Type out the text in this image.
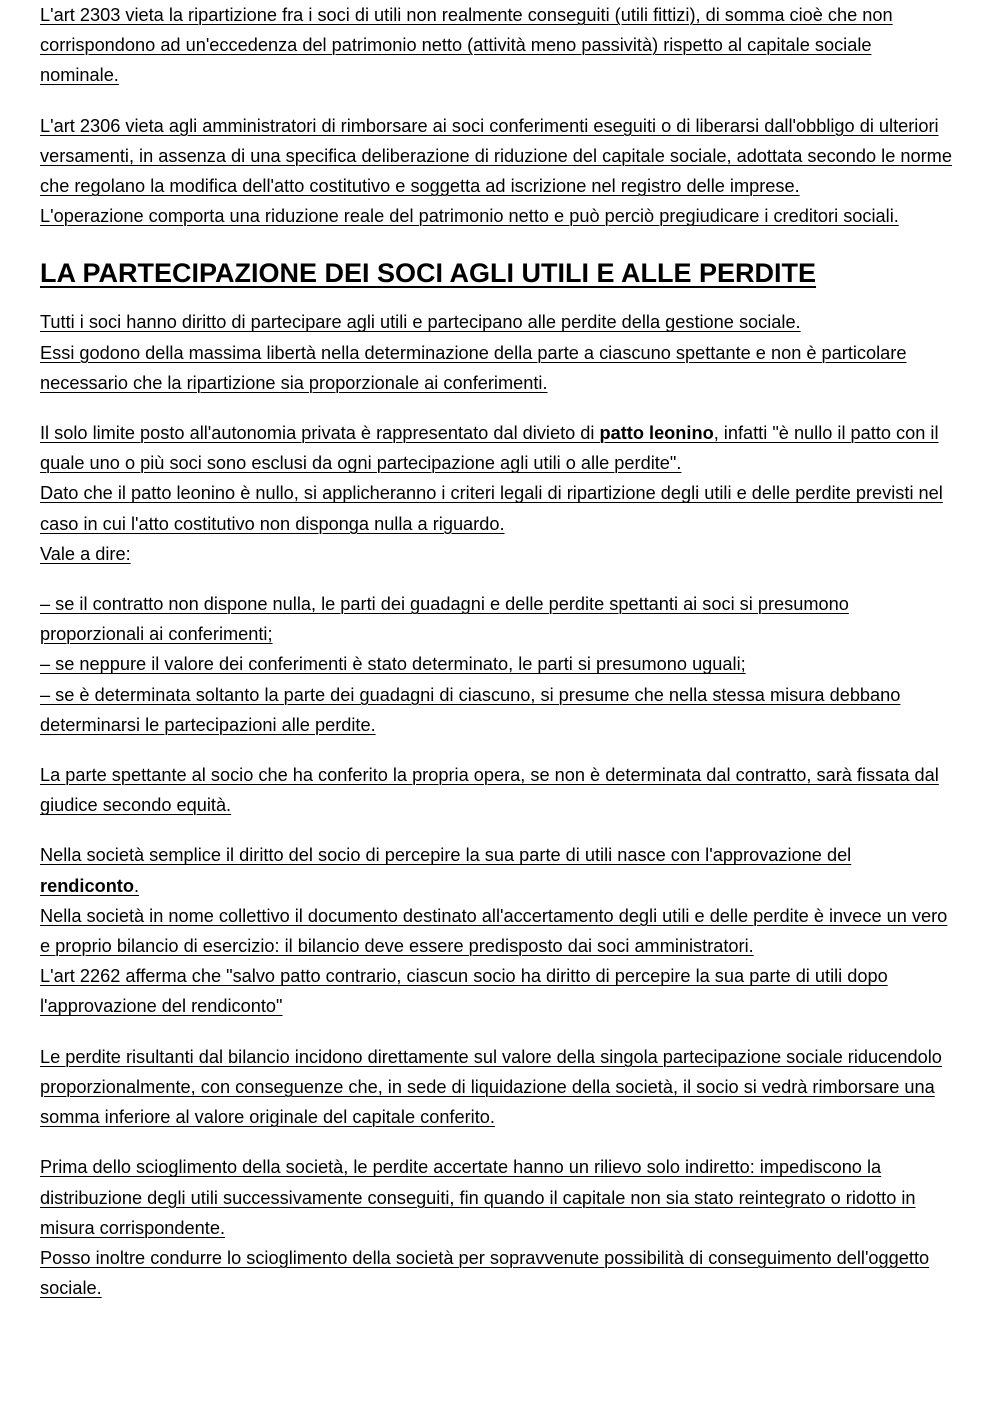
L'art 2303 vieta la ripartizione fra i soci di utili non realmente conseguiti (utili fittizi), di somma cioè che non corrispondono ad un'eccedenza del patrimonio netto (attività meno passività) rispetto al capitale sociale nominale.

L'art 2306 vieta agli amministratori di rimborsare ai soci conferimenti eseguiti o di liberarsi dall'obbligo di ulteriori versamenti, in assenza di una specifica deliberazione di riduzione del capitale sociale, adottata secondo le norme che regolano la modifica dell'atto costitutivo e soggetta ad iscrizione nel registro delle imprese.
L'operazione comporta una riduzione reale del patrimonio netto e può perciò pregiudicare i creditori sociali.

LA PARTECIPAZIONE DEI SOCI AGLI UTILI E ALLE PERDITE

Tutti i soci hanno diritto di partecipare agli utili e partecipano alle perdite della gestione sociale.
Essi godono della massima libertà nella determinazione della parte a ciascuno spettante e non è particolare necessario che la ripartizione sia proporzionale ai conferimenti.

Il solo limite posto all'autonomia privata è rappresentato dal divieto di patto leonino, infatti "è nullo il patto con il quale uno o più soci sono esclusi da ogni partecipazione agli utili o alle perdite".
Dato che il patto leonino è nullo, si applicheranno i criteri legali di ripartizione degli utili e delle perdite previsti nel caso in cui l'atto costitutivo non disponga nulla a riguardo.
Vale a dire:

– se il contratto non dispone nulla, le parti dei guadagni e delle perdite spettanti ai soci si presumono proporzionali ai conferimenti;
– se neppure il valore dei conferimenti è stato determinato, le parti si presumono uguali;
– se è determinata soltanto la parte dei guadagni di ciascuno, si presume che nella stessa misura debbano determinarsi le partecipazioni alle perdite.

La parte spettante al socio che ha conferito la propria opera, se non è determinata dal contratto, sarà fissata dal giudice secondo equità.

Nella società semplice il diritto del socio di percepire la sua parte di utili nasce con l'approvazione del rendiconto.
Nella società in nome collettivo il documento destinato all'accertamento degli utili e delle perdite è invece un vero e proprio bilancio di esercizio: il bilancio deve essere predisposto dai soci amministratori.
L'art 2262 afferma che "salvo patto contrario, ciascun socio ha diritto di percepire la sua parte di utili dopo l'approvazione del rendiconto"

Le perdite risultanti dal bilancio incidono direttamente sul valore della singola partecipazione sociale riducendolo proporzionalmente, con conseguenze che, in sede di liquidazione della società, il socio si vedrà rimborsare una somma inferiore al valore originale del capitale conferito.

Prima dello scioglimento della società, le perdite accertate hanno un rilievo solo indiretto: impediscono la distribuzione degli utili successivamente conseguiti, fin quando il capitale non sia stato reintegrato o ridotto in misura corrispondente.
Posso inoltre condurre lo scioglimento della società per sopravvenute possibilità di conseguimento dell'oggetto sociale.
